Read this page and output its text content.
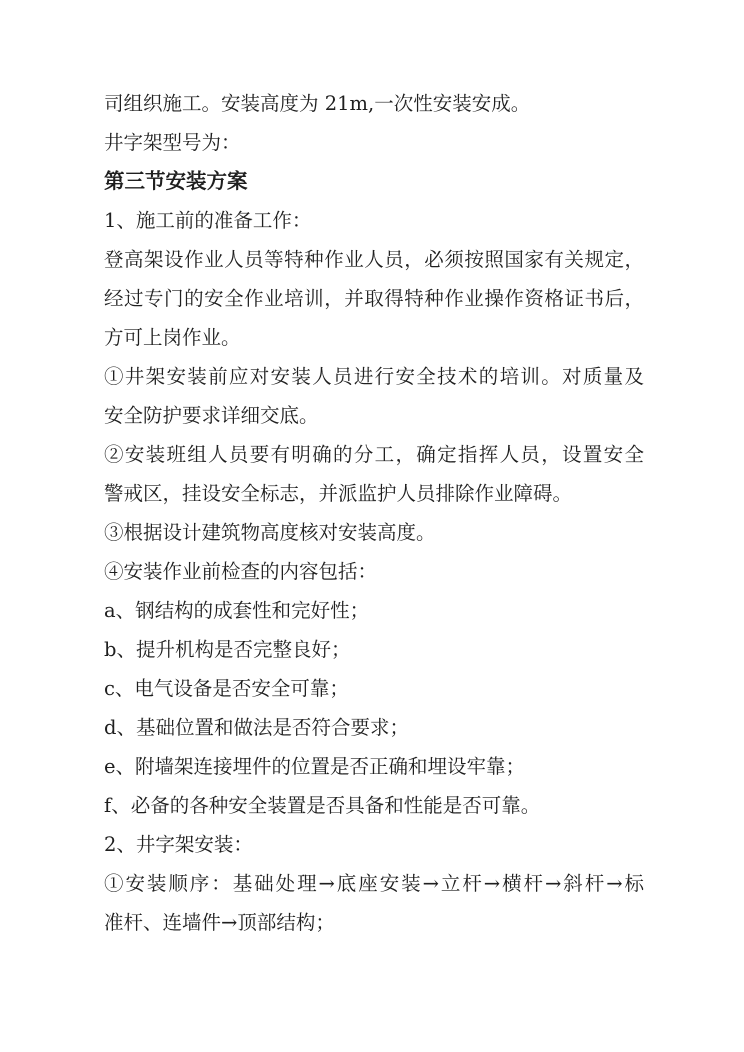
司组织施工。安装高度为 21m,一次性安装安成。
井字架型号为：
第三节安装方案
1、施工前的准备工作：
登高架设作业人员等特种作业人员，必须按照国家有关规定，
经过专门的安全作业培训，并取得特种作业操作资格证书后，
方可上岗作业。
①井架安装前应对安装人员进行安全技术的培训。对质量及
安全防护要求详细交底。
②安装班组人员要有明确的分工，确定指挥人员，设置安全
警戒区，挂设安全标志，并派监护人员排除作业障碍。
③根据设计建筑物高度核对安装高度。
④安装作业前检查的内容包括：
a、钢结构的成套性和完好性；
b、提升机构是否完整良好；
c、电气设备是否安全可靠；
d、基础位置和做法是否符合要求；
e、附墙架连接埋件的位置是否正确和埋设牢靠；
f、必备的各种安全装置是否具备和性能是否可靠。
2、井字架安装：
①安装顺序：基础处理→底座安装→立杆→横杆→斜杆→标
准杆、连墙件→顶部结构；
